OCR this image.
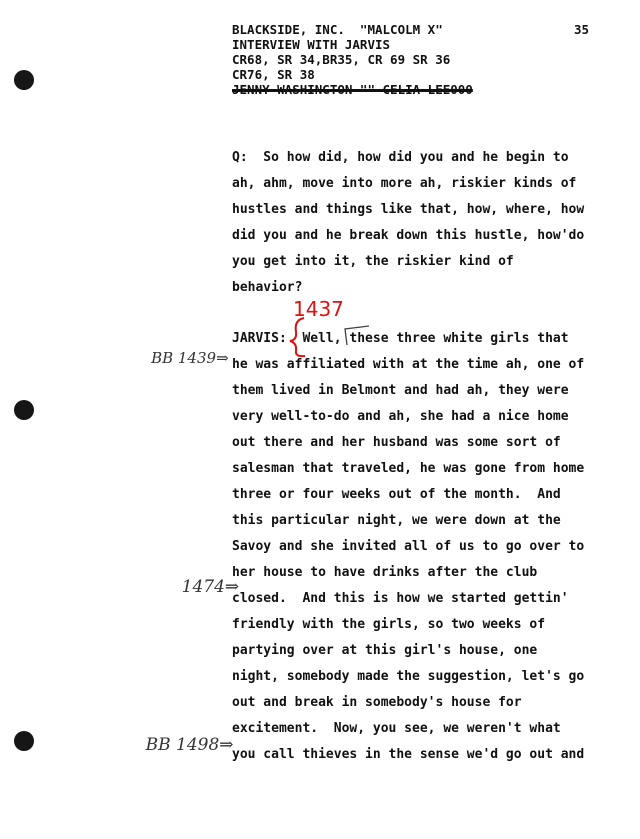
BLACKSIDE, INC.  "MALCOLM X"
INTERVIEW WITH JARVIS
CR68, SR 34,BR35, CR 69 SR 36
CR76, SR 38
JENNY WASHINGTON "" CELIA LEE000
35
Q:  So how did, how did you and he begin to
ah, ahm, move into more ah, riskier kinds of
hustles and things like that, how, where, how
did you and he break down this hustle, how'do
you get into it, the riskier kind of
behavior?
JARVIS:  Well, these three white girls that
he was affiliated with at the time ah, one of
them lived in Belmont and had ah, they were
very well-to-do and ah, she had a nice home
out there and her husband was some sort of
salesman that traveled, he was gone from home
three or four weeks out of the month.  And
this particular night, we were down at the
Savoy and she invited all of us to go over to
her house to have drinks after the club
closed.  And this is how we started gettin'
friendly with the girls, so two weeks of
partying over at this girl's house, one
night, somebody made the suggestion, let's go
out and break in somebody's house for
excitement.  Now, you see, we weren't what
you call thieves in the sense we'd go out and

BB 1439⇒

1474⇒

BB 1498⇒

1437
